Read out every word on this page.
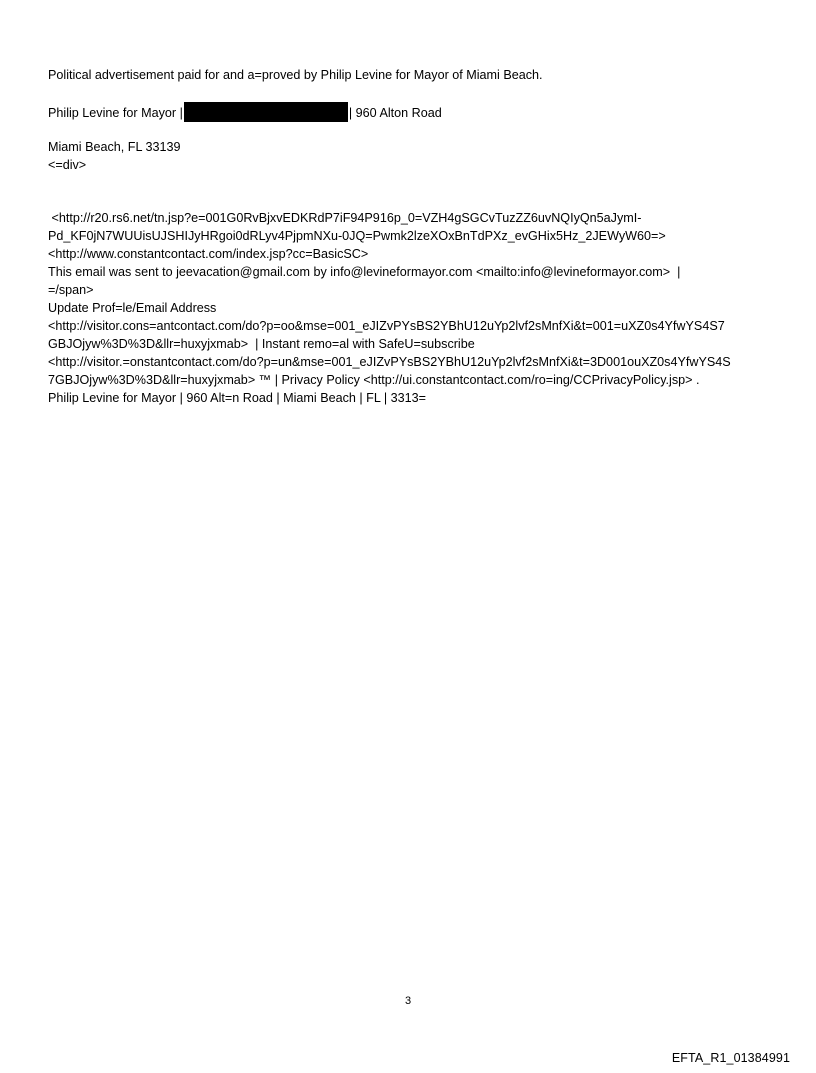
Political advertisement paid for and a=proved by Philip Levine for Mayor of Miami Beach.
Philip Levine for Mayor |	| 960 Alton Road
Miami Beach, FL 33139
<=div>
<http://r20.rs6.net/tn.jsp?e=001G0RvBjxvEDKRdP7iF94P916p_0=VZH4gSGCvTuzZZ6uvNQIyQn5aJymI-
Pd_KF0jN7WUUisUJSHIJyHRgoi0dRLyv4PjpmNXu-0JQ=Pwmk2lzeXOxBnTdPXz_evGHix5Hz_2JEWyW60=>
<http://www.constantcontact.com/index.jsp?cc=BasicSC>
This email was sent to jeevacation@gmail.com by info@levineformayor.com <mailto:info@levineformayor.com>  |
=/span>
Update Prof=le/Email Address
<http://visitor.cons=antcontact.com/do?p=oo&mse=001_eJIZvPYsBS2YBhU12uYp2lvf2sMnfXi&t=001=uXZ0s4YfwYS4S7
GBJOjyw%3D%3D&llr=huxyjxmab>  | Instant remo=al with SafeU=subscribe
<http://visitor.=onstantcontact.com/do?p=un&mse=001_eJIZvPYsBS2YBhU12uYp2lvf2sMnfXi&t=3D001ouXZ0s4YfwYS4S
7GBJOjyw%3D%3D&llr=huxyjxmab> ™ | Privacy Policy <http://ui.constantcontact.com/ro=ing/CCPrivacyPolicy.jsp> .
Philip Levine for Mayor | 960 Alt=n Road | Miami Beach | FL | 3313=
3
EFTA_R1_01384991
